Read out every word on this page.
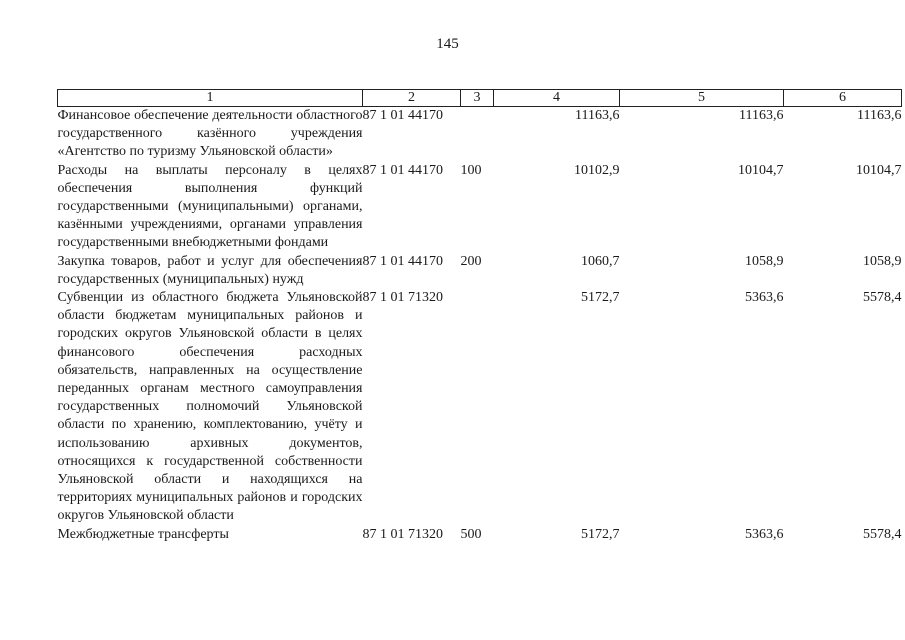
145
1	2	3	4	5	6
Финансовое обеспечение деятельности областного государственного казённого учреждения «Агентство по туризму Ульяновской области»	87 1 01 44170		11163,6	11163,6	11163,6
Расходы на выплаты персоналу в целях обеспечения выполнения функций государственными (муниципальными) органами, казёнными учреждениями, органами управления государственными внебюджетными фондами	87 1 01 44170	100	10102,9	10104,7	10104,7
Закупка товаров, работ и услуг для обеспечения государственных (муниципальных) нужд	87 1 01 44170	200	1060,7	1058,9	1058,9
Субвенции из областного бюджета Ульяновской области бюджетам муниципальных районов и городских округов Ульяновской области в целях финансового обеспечения расходных обязательств, направленных на осуществление переданных органам местного самоуправления государственных полномочий Ульяновской области по хранению, комплектованию, учёту и использованию архивных документов, относящихся к государственной собственности Ульяновской области и находящихся на территориях муниципальных районов и городских округов Ульяновской области	87 1 01 71320		5172,7	5363,6	5578,4
Межбюджетные трансферты	87 1 01 71320	500	5172,7	5363,6	5578,4
